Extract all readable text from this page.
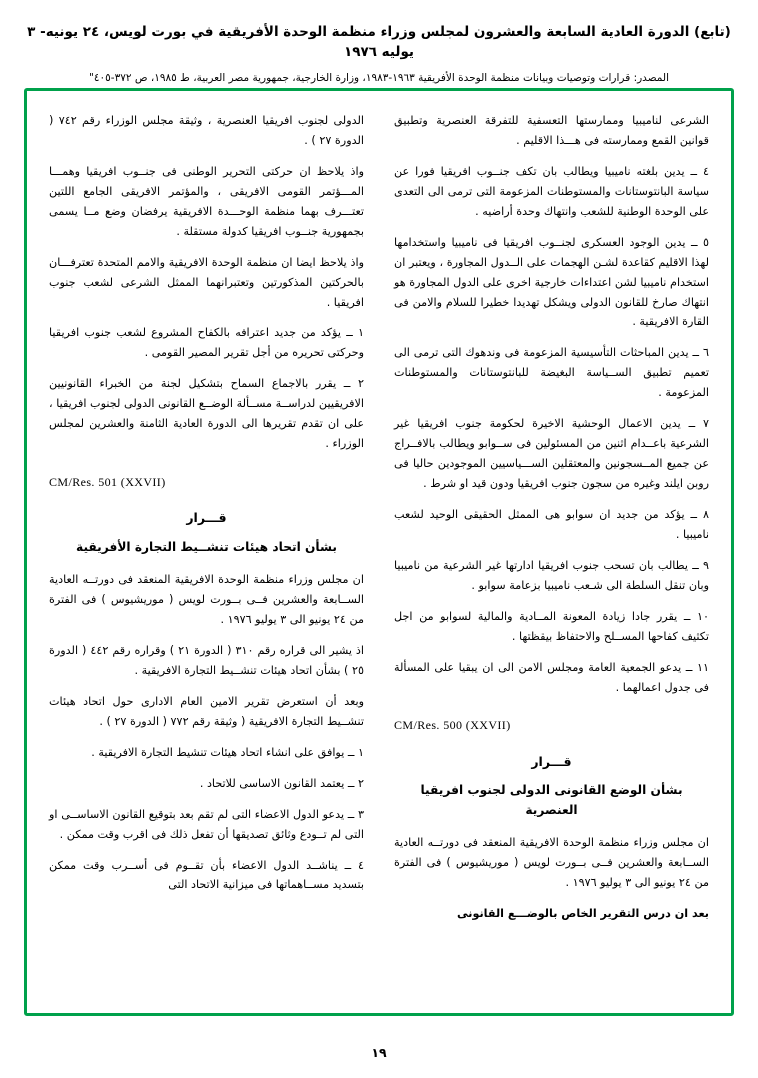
(تابع) الدورة العادية السابعة والعشرون لمجلس وزراء منظمة الوحدة الأفريقية في بورت لويس، ٢٤ يونيه- ٣ يوليه ١٩٧٦
المصدر: قرارات وتوصيات وبيانات منظمة الوحدة الأفريقية ١٩٦٣-١٩٨٣، وزارة الخارجية، جمهورية مصر العربية، ط ١٩٨٥، ص ٣٧٢-٤٠٥"

الشرعى لناميبيا وممارستها التعسفية للتفرقة العنصرية وتطبيق قوانين القمع وممارسته فى هـــذا الاقليم .

٤ ــ يدين بلغته ناميبيا ويطالب بان تكف جنــوب افريقيا فورا عن سياسة البانتوستانات والمستوطنات المزعومة التى ترمى الى التعدى على الوحدة الوطنية للشعب وانتهاك وحدة أراضيه .

٥ ــ يدين الوجود العسكرى لجنــوب افريقيا فى ناميبيا واستخدامها لهذا الاقليم كقاعدة لشـن الهجمات على الــدول المجاورة ، ويعتبر ان استخدام ناميبيا لشن اعتداءات خارجية اخرى على الدول المجاورة هو انتهاك صارخ للقانون الدولى ويشكل تهديدا خطيرا للسلام والامن فى القارة الافريقية .

٦ ــ يدين المباحثات التأسيسية المزعومة فى وندهوك التى ترمى الى تعميم تطبيق الســياسة البغيضة للبانتوستانات والمستوطنات المزعومة .

٧ ــ يدين الاعمال الوحشية الاخيرة لحكومة جنوب افريقيا غير الشرعية باعــدام اثنين من المسئولين فى ســوابو ويطالب بالافــراج عن جميع المــسجونين والمعتقلين الســـياسيين الموجودين حاليا فى روبن ايلند وغيره من سجون جنوب افريقيا ودون قيد او شرط .

٨ ــ يؤكد من جديد ان سوابو هى الممثل الحقيقى الوحيد لشعب ناميبيا .

٩ ــ يطالب بان تسحب جنوب افريقيا ادارتها غير الشرعية من ناميبيا وبان تنقل السلطة الى شـعب ناميبيا بزعامة سوابو .

١٠ ــ يقرر جادا زيادة المعونة المــادية والمالية لسوابو من اجل تكثيف كفاحها المســلح والاحتفاظ بيقظتها .

١١ ــ يدعو الجمعية العامة ومجلس الامن الى ان يبقيا على المسألة فى جدول اعمالهما .

CM/Res. 500 (XXVII)
قـــرار
بشأن الوضع القانونى الدولى لجنوب افريقيا العنصرية

ان مجلس وزراء منظمة الوحدة الافريقية المنعقد فى دورتــه العادية الســابعة والعشرين فــى بــورت لويس ( موريشيوس ) فى الفترة من ٢٤ يونيو الى ٣ يوليو ١٩٧٦ .

بعد ان درس التقرير الخاص بالوضـــع القانونى

الدولى لجنوب افريقيا العنصرية ، وثيقة مجلس الوزراء رقم ٧٤٢ ( الدورة ٢٧ ) .

واذ يلاحظ ان حركتى التحرير الوطنى فى جنــوب افريقيا وهمـــا المـــؤتمر القومى الافريقى ، والمؤتمر الافريقى الجامع اللتين تعتـــرف بهما منظمة الوحـــدة الافريقية يرفضان وضع مــا يسمى بجمهورية جنــوب افريقيا كدولة مستقلة .

واذ يلاحظ ايضا ان منظمة الوحدة الافريقية والامم المتحدة تعترفـــان بالحركتين المذكورتين وتعتبرانهما الممثل الشرعى لشعب جنوب افريقيا .

١ ــ يؤكد من جديد اعترافه بالكفاح المشروع لشعب جنوب افريقيا وحركتى تحريره من أجل تقرير المصير القومى .

٢ ــ يقرر بالاجماع السماح بتشكيل لجنة من الخبراء القانونيين الافريقيين لدراســة مســألة الوضــع القانونى الدولى لجنوب افريقيا ، على ان تقدم تقريرها الى الدورة العادية الثامنة والعشرين لمجلس الوزراء .

CM/Res. 501 (XXVII)
قـــرار
بشأن اتحاد هيئات تنشــيط التجارة الأفريقية

ان مجلس وزراء منظمة الوحدة الافريقية المنعقد فى دورتــه العادية الســابعة والعشرين فــى بــورت لويس ( موريشيوس ) فى الفترة من ٢٤ يونيو الى ٣ يوليو ١٩٧٦ .

اذ يشير الى قراره رقم ٣١٠ ( الدورة ٢١ ) وقراره رقم ٤٤٢ ( الدورة ٢٥ ) بشأن اتحاد هيئات تنشــيط التجارة الافريقية .

وبعد أن استعرض تقرير الامين العام الادارى حول اتحاد هيئات تنشــيط التجارة الافريقية ( وثيقة رقم ٧٧٢ ( الدورة ٢٧ ) .

١ ــ يوافق على انشاء اتحاد هيئات تنشيط التجارة الافريقية .

٢ ــ يعتمد القانون الاساسى للاتحاد .

٣ ــ يدعو الدول الاعضاء التى لم تقم بعد بتوقيع القانون الاساســى او التى لم تــودع وثائق تصديقها أن تفعل ذلك فى اقرب وقت ممكن .

٤ ــ يناشــد الدول الاعضاء بأن تقــوم فى أســرب وقت ممكن بتسديد مســاهماتها فى ميزانية الاتحاد التى

١٩
